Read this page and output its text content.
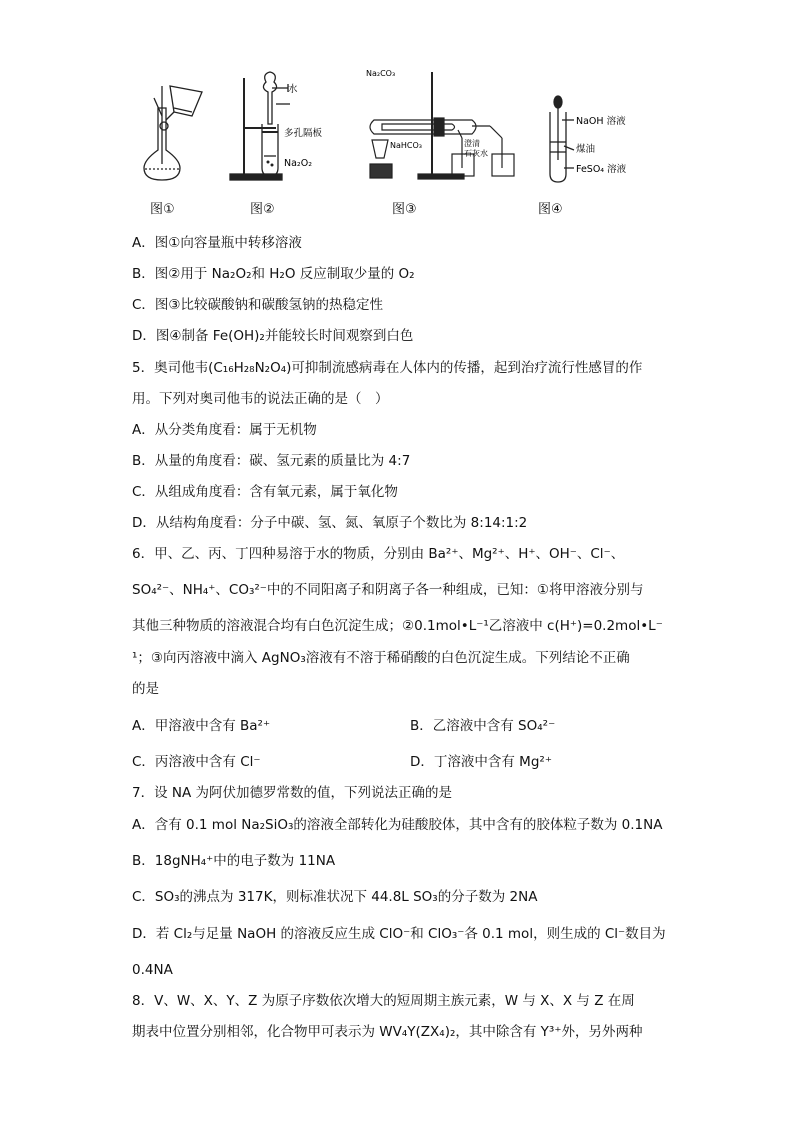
图①
水
多孔隔板
Na₂O₂
图②
Na₂CO₃
NaHCO₃	澄清
石灰水
图③
NaOH 溶液
煤油
FeSO₄ 溶液
图④
A．图①向容量瓶中转移溶液
B．图②用于 Na₂O₂和 H₂O 反应制取少量的 O₂
C．图③比较碳酸钠和碳酸氢钠的热稳定性
D．图④制备 Fe(OH)₂并能较长时间观察到白色
5．奥司他韦(C₁₆H₂₈N₂O₄)可抑制流感病毒在人体内的传播，起到治疗流行性感冒的作
用。下列对奥司他韦的说法正确的是（　）
A．从分类角度看：属于无机物
B．从量的角度看：碳、氢元素的质量比为 4:7
C．从组成角度看：含有氧元素，属于氧化物
D．从结构角度看：分子中碳、氢、氮、氧原子个数比为 8:14:1:2
6．甲、乙、丙、丁四种易溶于水的物质，分别由 Ba²⁺、Mg²⁺、H⁺、OH⁻、Cl⁻、
SO₄²⁻、NH₄⁺、CO₃²⁻中的不同阳离子和阴离子各一种组成，已知：①将甲溶液分别与
其他三种物质的溶液混合均有白色沉淀生成；②0.1mol•L⁻¹乙溶液中 c(H⁺)=0.2mol•L⁻
¹；③向丙溶液中滴入 AgNO₃溶液有不溶于稀硝酸的白色沉淀生成。下列结论不正确
的是
A．甲溶液中含有 Ba²⁺	B．乙溶液中含有 SO₄²⁻
C．丙溶液中含有 Cl⁻	D．丁溶液中含有 Mg²⁺
7．设 NA 为阿伏加德罗常数的值，下列说法正确的是
A．含有 0.1 mol Na₂SiO₃的溶液全部转化为硅酸胶体，其中含有的胶体粒子数为 0.1NA
B．18gNH₄⁺中的电子数为 11NA
C．SO₃的沸点为 317K，则标准状况下 44.8L SO₃的分子数为 2NA
D．若 Cl₂与足量 NaOH 的溶液反应生成 ClO⁻和 ClO₃⁻各 0.1 mol，则生成的 Cl⁻数目为
0.4NA
8．V、W、X、Y、Z 为原子序数依次增大的短周期主族元素，W 与 X、X 与 Z 在周
期表中位置分别相邻，化合物甲可表示为 WV₄Y(ZX₄)₂，其中除含有 Y³⁺外，另外两种
